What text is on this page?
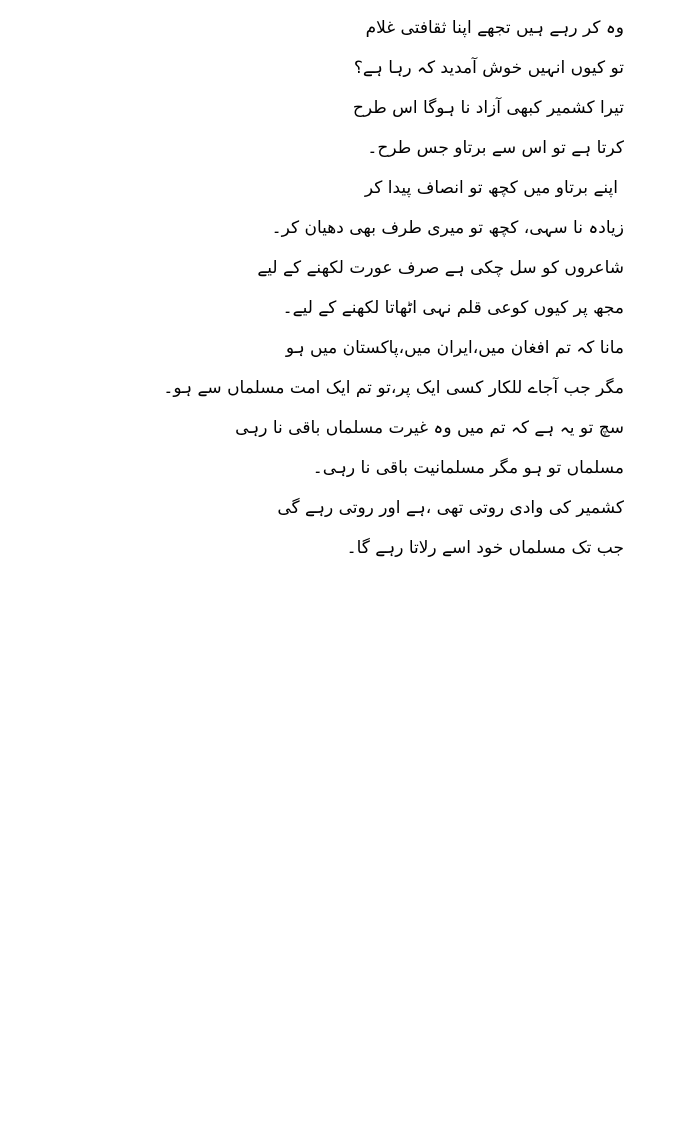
وہ کر رہے ہیں تجھے اپنا ثقافتی غلام
تو کیوں انہیں خوش آمدید کہ رہا ہے؟
تیرا کشمیر کبھی آزاد نا ہوگا اس طرح
کرتا ہے تو اس سے برتاو جس طرح۔
اپنے برتاو میں کچھ تو انصاف پیدا کر
زیادہ نا سہی، کچھ تو میری طرف بھی دھیان کر۔
شاعروں کو سل چکی ہے صرف عورت لکھنے کے لیے
مجھ پر کیوں کوعی قلم نہی اٹھاتا لکھنے کے لیے۔
مانا کہ تم افغان میں،ایران میں،پاکستان میں ہو
مگر جب آجاے للکار کسی ایک پر،تو تم ایک امت مسلماں سے ہو۔
سچ تو یہ ہے کہ تم میں وہ غیرت مسلماں باقی نا رہی
مسلماں تو ہو مگر مسلمانیت باقی نا رہی۔
کشمیر کی وادی روتی تھی ،ہے اور روتی رہے گی
جب تک مسلماں خود اسے رلاتا رہے گا۔
